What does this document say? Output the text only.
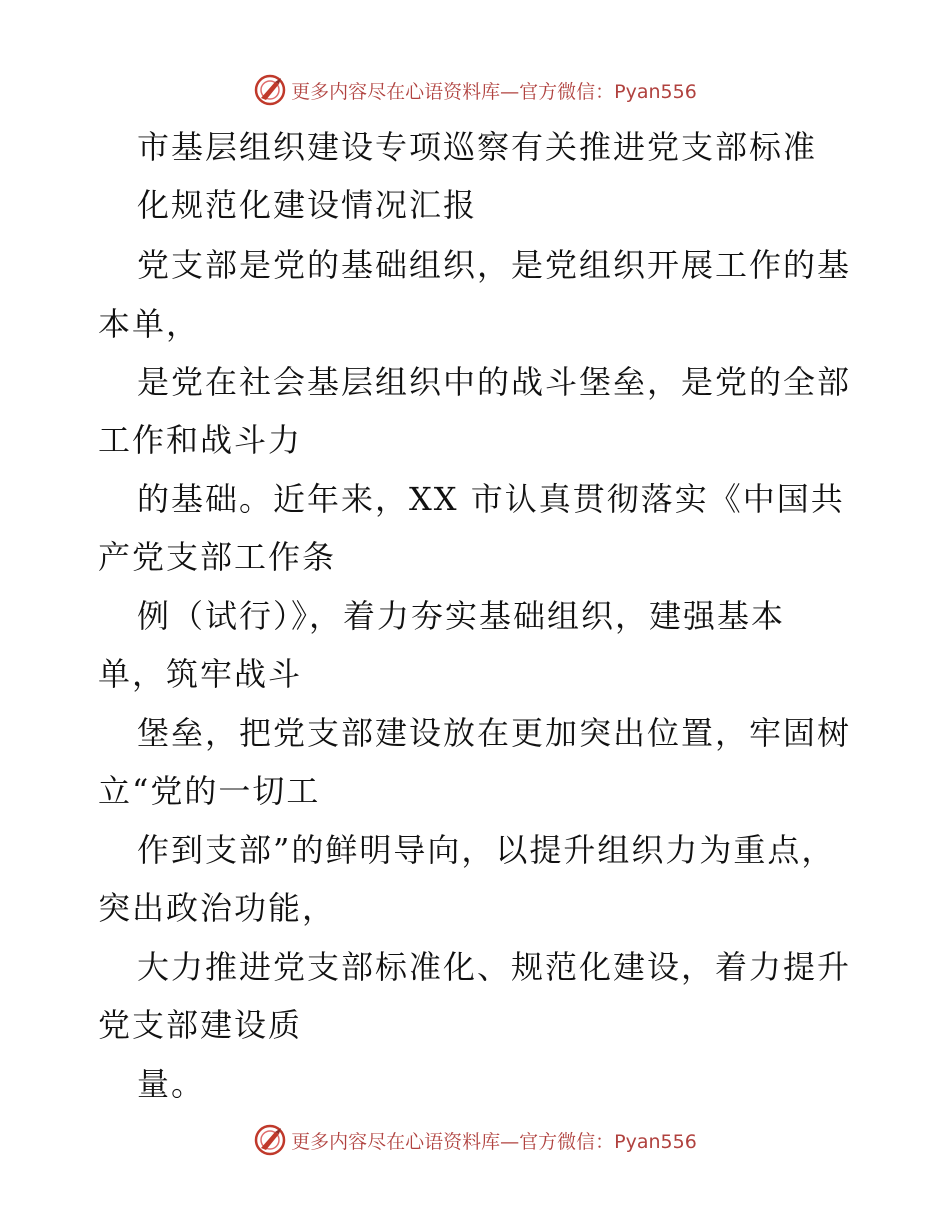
更多内容尽在心语资料库—官方微信：Pyan556
市基层组织建设专项巡察有关推进党支部标准
化规范化建设情况汇报
党支部是党的基础组织，是党组织开展工作的基
本单，
是党在社会基层组织中的战斗堡垒，是党的全部
工作和战斗力
的基础。近年来，XX 市认真贯彻落实《中国共
产党支部工作条
例（试行）》，着力夯实基础组织，建强基本
单，筑牢战斗
堡垒，把党支部建设放在更加突出位置，牢固树
立“党的一切工
作到支部”的鲜明导向，以提升组织力为重点，
突出政治功能，
大力推进党支部标准化、规范化建设，着力提升
党支部建设质
量。
更多内容尽在心语资料库—官方微信：Pyan556
